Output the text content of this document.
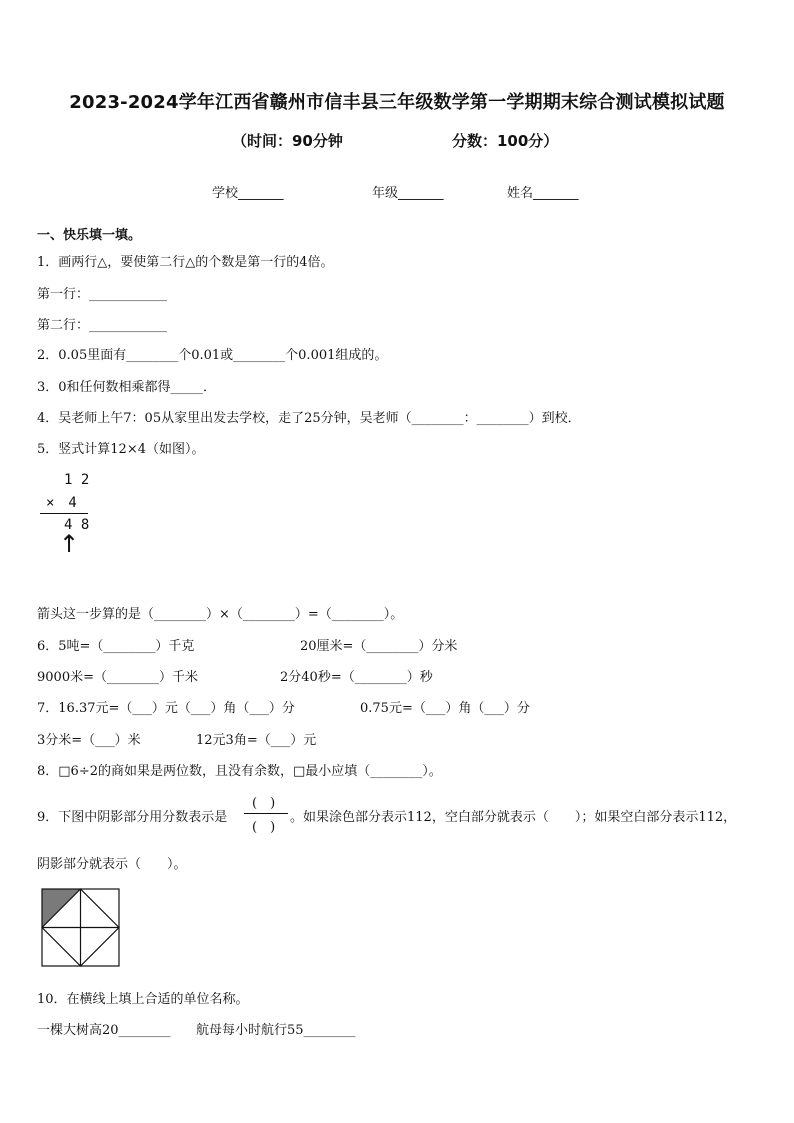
2023-2024学年江西省赣州市信丰县三年级数学第一学期期末综合测试模拟试题
（时间：90分钟	分数：100分）
学校_______	年级_______	姓名_______
一、快乐填一填。
1．画两行△，要使第二行△的个数是第一行的4倍。
第一行：____________
第二行：____________
2．0.05里面有________个0.01或________个0.001组成的。
3．0和任何数相乘都得_____．
4．吴老师上午7：05从家里出发去学校，走了25分钟，吴老师（________：________）到校．
5．竖式计算12×4（如图）。
1 2
×　4
4 8
↑
箭头这一步算的是（________）×（________）=（________）。
6．5吨=（________）千克	20厘米=（________）分米
9000米=（________）千米	2分40秒=（________）秒
7．16.37元=（___）元（___）角（___）分	0.75元=（___）角（___）分
3分米=（___）米	12元3角=（___）元
8．□6÷2的商如果是两位数，且没有余数，□最小应填（________）。
9．下图中阴影部分用分数表示是
(　)
(　)
。如果涂色部分表示112，空白部分就表示（　　）；如果空白部分表示112，
阴影部分就表示（　　）。
10．在横线上填上合适的单位名称。
一棵大树高20________ 航母每小时航行55________
